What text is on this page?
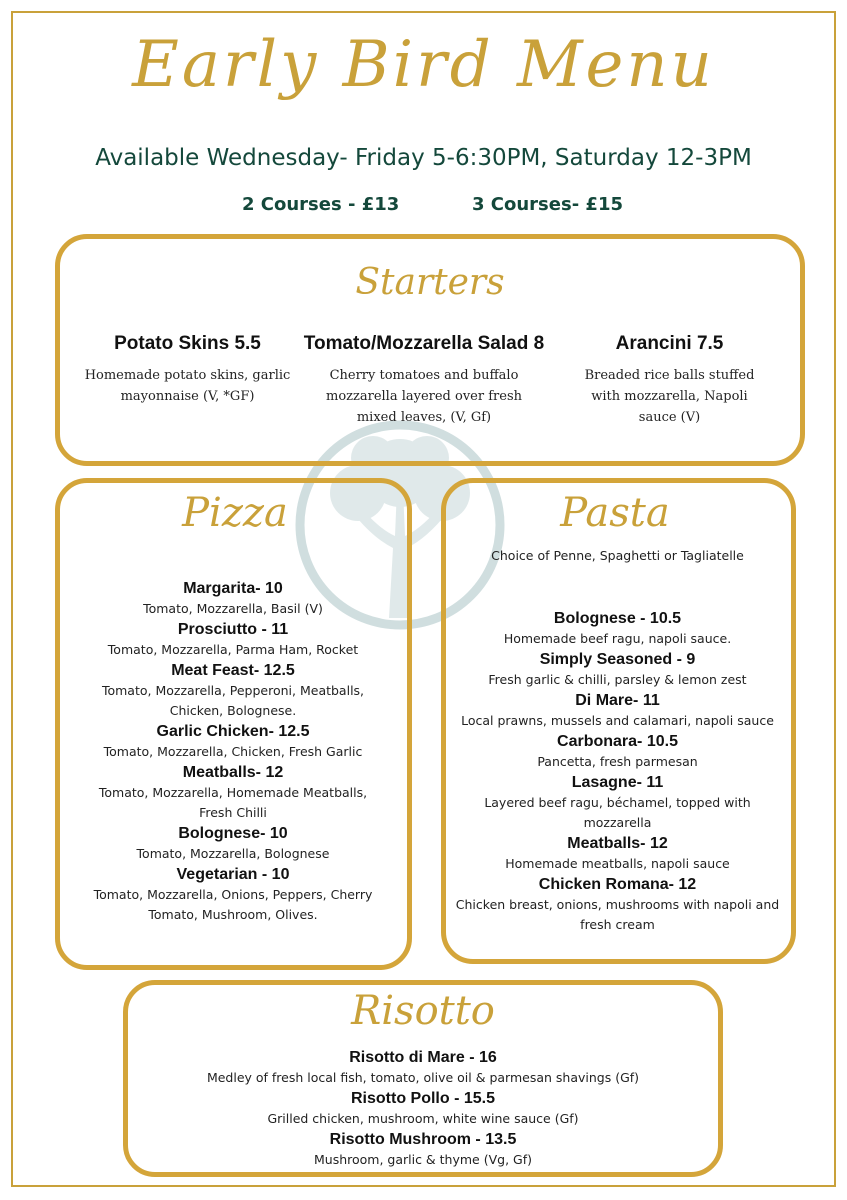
Early Bird Menu
Available Wednesday- Friday 5-6:30PM, Saturday 12-3PM
2 Courses - £13	3 Courses- £15
Starters
Potato Skins 5.5
Homemade potato skins, garlic mayonnaise (V, *GF)
Tomato/Mozzarella Salad 8
Cherry tomatoes and buffalo mozzarella layered over fresh mixed leaves, (V, Gf)
Arancini 7.5
Breaded rice balls stuffed with mozzarella, Napoli sauce (V)
Pizza
Margarita- 10
Tomato, Mozzarella, Basil (V)
Prosciutto - 11
Tomato, Mozzarella, Parma Ham, Rocket
Meat Feast- 12.5
Tomato, Mozzarella, Pepperoni, Meatballs, Chicken, Bolognese.
Garlic Chicken- 12.5
Tomato, Mozzarella, Chicken, Fresh Garlic
Meatballs- 12
Tomato, Mozzarella, Homemade Meatballs, Fresh Chilli
Bolognese- 10
Tomato, Mozzarella, Bolognese
Vegetarian - 10
Tomato, Mozzarella, Onions, Peppers, Cherry Tomato, Mushroom, Olives.
Pasta
Choice of Penne, Spaghetti or Tagliatelle
Bolognese - 10.5
Homemade beef ragu, napoli sauce.
Simply Seasoned - 9
Fresh garlic & chilli, parsley & lemon zest
Di Mare- 11
Local prawns, mussels and calamari, napoli sauce
Carbonara- 10.5
Pancetta, fresh parmesan
Lasagne- 11
Layered beef ragu, béchamel, topped with mozzarella
Meatballs- 12
Homemade meatballs, napoli sauce
Chicken Romana- 12
Chicken breast, onions, mushrooms with napoli and fresh cream
Risotto
Risotto di Mare - 16
Medley of fresh local fish, tomato, olive oil & parmesan shavings (Gf)
Risotto Pollo - 15.5
Grilled chicken, mushroom, white wine sauce (Gf)
Risotto Mushroom - 13.5
Mushroom, garlic & thyme (Vg, Gf)
